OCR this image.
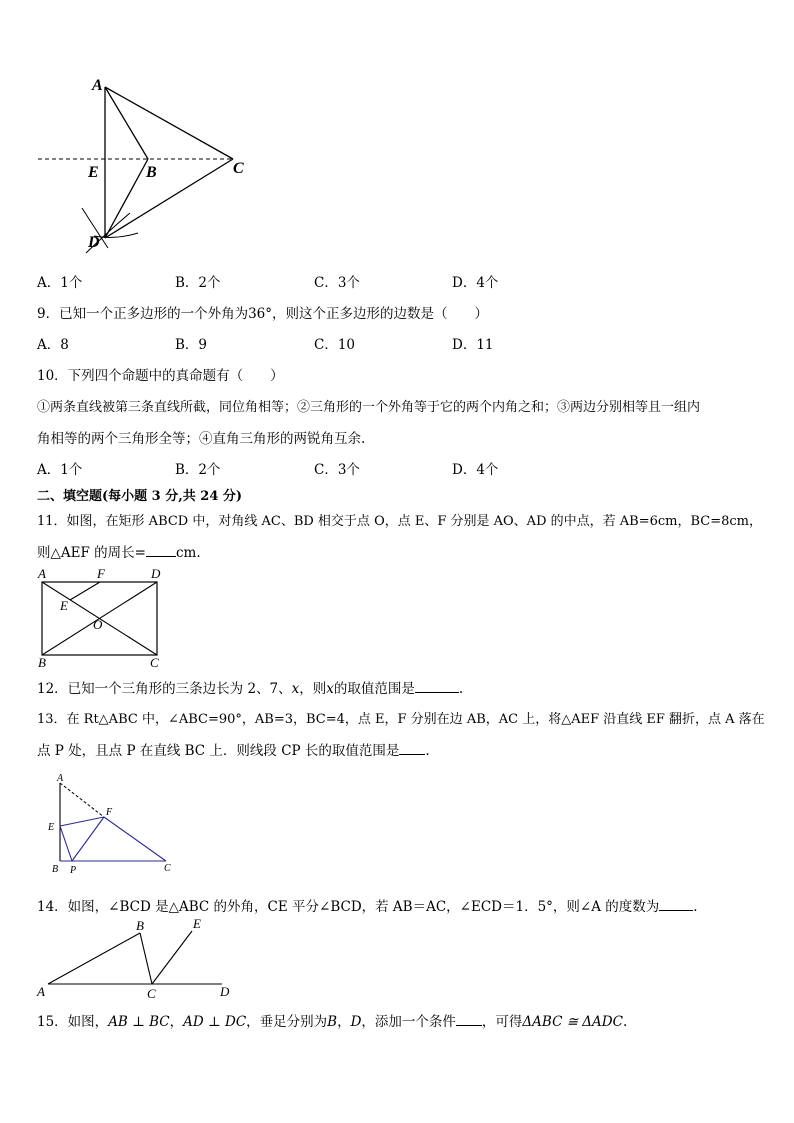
A
E	B	C
D
A．1个	B．2个	C．3个	D．4个
9．已知一个正多边形的一个外角为36°，则这个正多边形的边数是（　　）
A．8	B．9	C．10	D．11
10．下列四个命题中的真命题有（　　）
①两条直线被第三条直线所截，同位角相等；②三角形的一个外角等于它的两个内角之和；③两边分别相等且一组内
角相等的两个三角形全等；④直角三角形的两锐角互余.
A．1个	B．2个	C．3个	D．4个
二、填空题(每小题 3 分,共 24 分)
11．如图，在矩形 ABCD 中，对角线 AC、BD 相交于点 O，点 E、F 分别是 AO、AD 的中点，若 AB=6cm，BC=8cm，
则△AEF 的周长= cm.
A	F	D
E
O
B	C
12．已知一个三角形的三条边长为 2、7、x，则x的取值范围是	.
13．在 Rt△ABC 中，∠ABC=90°，AB=3，BC=4，点 E，F 分别在边 AB，AC 上，将△AEF 沿直线 EF 翻折，点 A 落在
点 P 处，且点 P 在直线 BC 上．则线段 CP 长的取值范围是 .
A
E
F
B P	C
14．如图，∠BCD 是△ABC 的外角，CE 平分∠BCD，若 AB＝AC，∠ECD＝1．5°，则∠A 的度数为	.
B	E
A	C	D
15．如图，AB ⊥ BC，AD ⊥ DC，垂足分别为B，D，添加一个条件 ，可得ΔABC ≅ ΔADC.
